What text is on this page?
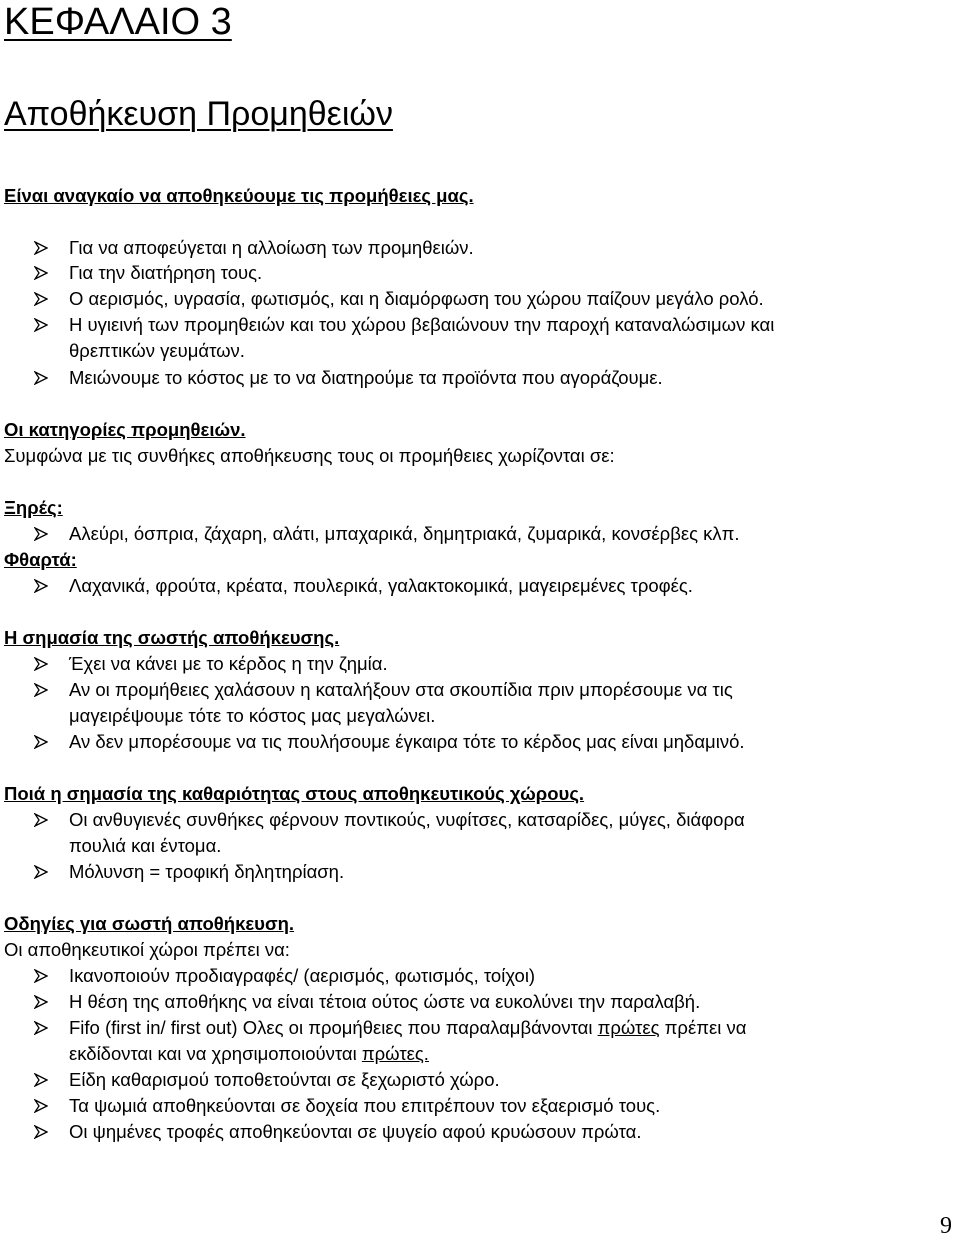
ΚΕΦΑΛΑΙΟ 3
Αποθήκευση Προμηθειών
Είναι αναγκαίο να αποθηκεύουμε τις προμήθειες μας.
Για να αποφεύγεται η αλλοίωση των προμηθειών.
Για την διατήρηση τους.
Ο αερισμός, υγρασία, φωτισμός, και η διαμόρφωση του χώρου παίζουν μεγάλο ρολό.
Η υγιεινή των προμηθειών και του χώρου βεβαιώνουν την παροχή καταναλώσιμων και
θρεπτικών γευμάτων.
Μειώνουμε το κόστος με το να διατηρούμε τα προϊόντα που αγοράζουμε.
Οι κατηγορίες προμηθειών.
Συμφώνα με τις συνθήκες αποθήκευσης τους οι προμήθειες χωρίζονται σε:
Ξηρές:
Αλεύρι, όσπρια, ζάχαρη, αλάτι, μπαχαρικά, δημητριακά, ζυμαρικά, κονσέρβες κλπ.
Φθαρτά:
Λαχανικά, φρούτα, κρέατα, πουλερικά, γαλακτοκομικά, μαγειρεμένες τροφές.
Η σημασία της σωστής αποθήκευσης.
Έχει να κάνει με το κέρδος η την ζημία.
Αν οι προμήθειες χαλάσουν η καταλήξουν στα σκουπίδια πριν μπορέσουμε να τις
μαγειρέψουμε τότε το κόστος μας μεγαλώνει.
Αν δεν μπορέσουμε να τις πουλήσουμε έγκαιρα τότε το κέρδος μας είναι μηδαμινό.
Ποιά η σημασία της καθαριότητας στους αποθηκευτικούς χώρους.
Οι ανθυγιενές συνθήκες φέρνουν ποντικούς, νυφίτσες, κατσαρίδες, μύγες, διάφορα
πουλιά και έντομα.
Μόλυνση = τροφική δηλητηρίαση.
Οδηγίες για σωστή αποθήκευση.
Οι αποθηκευτικοί χώροι πρέπει να:
Ικανοποιούν προδιαγραφές/ (αερισμός, φωτισμός, τοίχοι)
Η θέση της αποθήκης να είναι τέτοια ούτος ώστε να ευκολύνει την παραλαβή.
Fifo (first in/ first out) Ολες οι προμήθειες που παραλαμβάνονται πρώτες πρέπει να
εκδίδονται και να χρησιμοποιούνται πρώτες.
Είδη καθαρισμού τοποθετούνται σε ξεχωριστό χώρο.
Τα ψωμιά αποθηκεύονται σε δοχεία που επιτρέπουν τον εξαερισμό τους.
Οι ψημένες τροφές αποθηκεύονται σε ψυγείο αφού κρυώσουν πρώτα.
9
